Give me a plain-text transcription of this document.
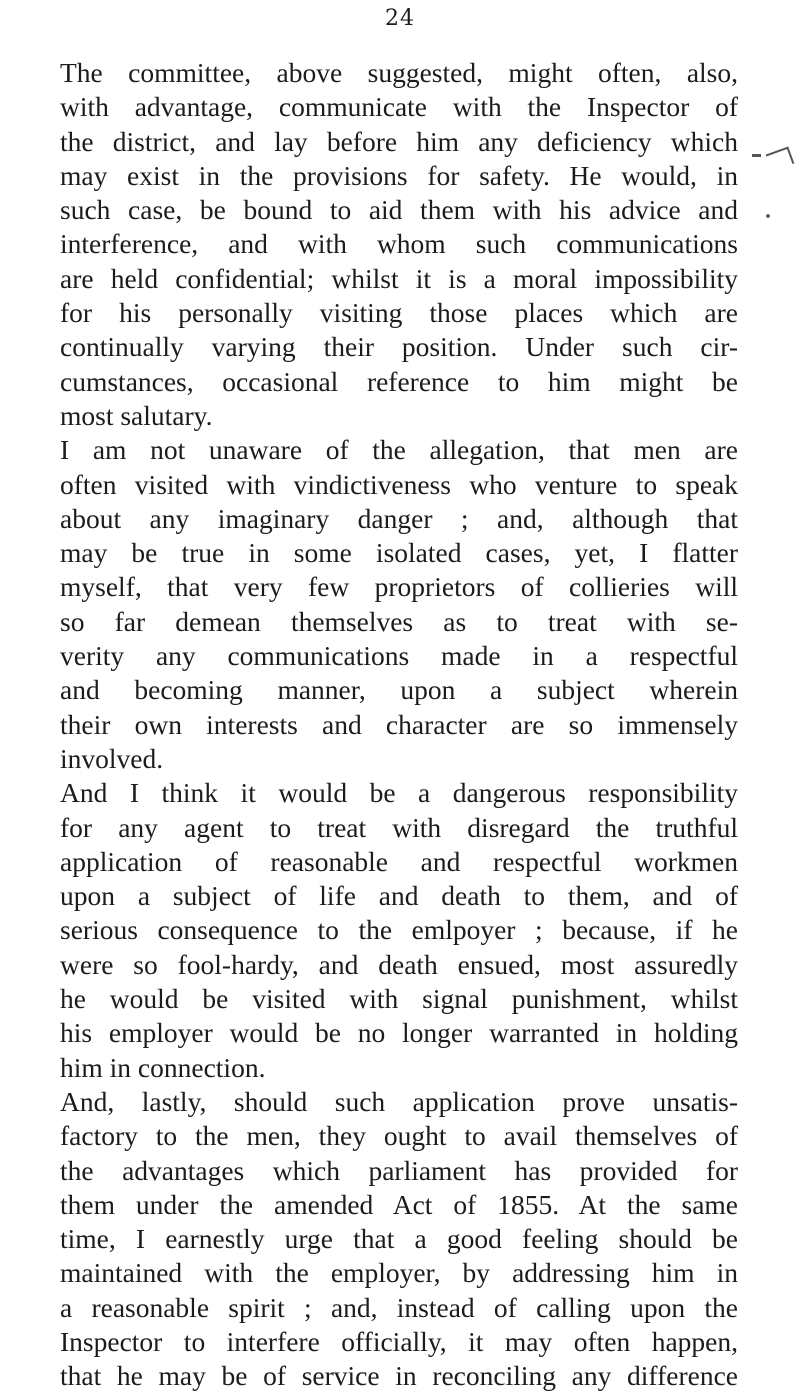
24
The committee, above suggested, might often, also,
with advantage, communicate with the Inspector of
the district, and lay before him any deficiency which
may exist in the provisions for safety. He would, in
such case, be bound to aid them with his advice and
interference, and with whom such communications
are held confidential; whilst it is a moral impossibility
for his personally visiting those places which are
continually varying their position. Under such cir-
cumstances, occasional reference to him might be
most salutary.
I am not unaware of the allegation, that men are
often visited with vindictiveness who venture to speak
about any imaginary danger ; and, although that
may be true in some isolated cases, yet, I flatter
myself, that very few proprietors of collieries will
so far demean themselves as to treat with se-
verity any communications made in a respectful
and becoming manner, upon a subject wherein
their own interests and character are so immensely
involved.
And I think it would be a dangerous responsibility
for any agent to treat with disregard the truthful
application of reasonable and respectful workmen
upon a subject of life and death to them, and of
serious consequence to the emlpoyer ; because, if he
were so fool-hardy, and death ensued, most assuredly
he would be visited with signal punishment, whilst
his employer would be no longer warranted in holding
him in connection.
And, lastly, should such application prove unsatis-
factory to the men, they ought to avail themselves of
the advantages which parliament has provided for
them under the amended Act of 1855. At the same
time, I earnestly urge that a good feeling should be
maintained with the employer, by addressing him in
a reasonable spirit ; and, instead of calling upon the
Inspector to interfere officially, it may often happen,
that he may be of service in reconciling any difference
